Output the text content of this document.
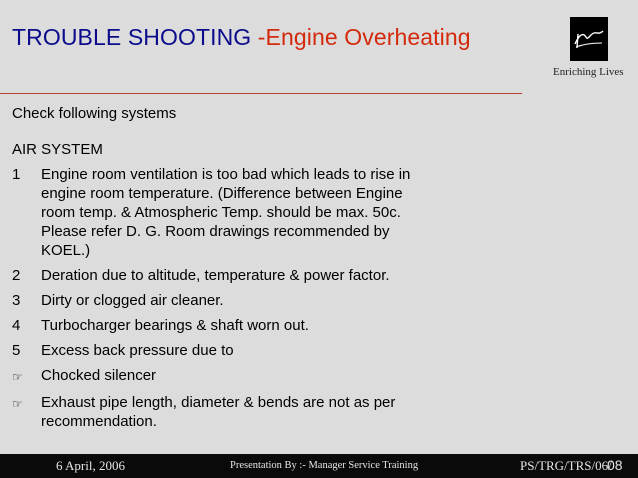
TROUBLE SHOOTING -Engine Overheating
Enriching Lives
Check following systems
AIR SYSTEM
1	Engine room ventilation is too bad which leads to rise in engine room temperature. (Difference between Engine room temp. & Atmospheric Temp. should be max. 50c. Please refer D. G. Room drawings recommended by KOEL.)
2	Deration due to altitude, temperature & power factor.
3	Dirty or clogged air cleaner.
4	Turbocharger bearings & shaft worn out.
5	Excess back pressure due to
☞	Chocked silencer
☞	Exhaust pipe length, diameter & bends are not as per recommendation.
6 April, 2006	Presentation By :- Manager Service Training	PS/TRG/TRS/06/
08
